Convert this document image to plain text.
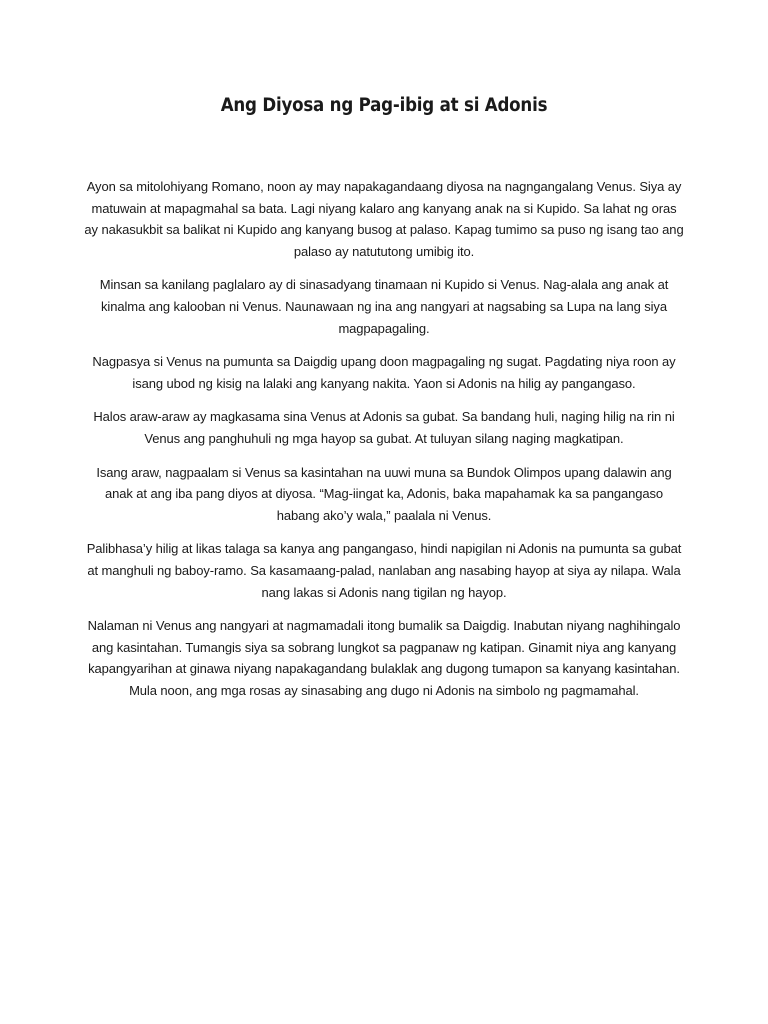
Ang Diyosa ng Pag-ibig at si Adonis

Ayon sa mitolohiyang Romano, noon ay may napakagandaang diyosa na nagngangalang Venus. Siya ay matuwain at mapagmahal sa bata. Lagi niyang kalaro ang kanyang anak na si Kupido. Sa lahat ng oras ay nakasukbit sa balikat ni Kupido ang kanyang busog at palaso. Kapag tumimo sa puso ng isang tao ang palaso ay natututong umibig ito.

Minsan sa kanilang paglalaro ay di sinasadyang tinamaan ni Kupido si Venus. Nag-alala ang anak at kinalma ang kalooban ni Venus. Naunawaan ng ina ang nangyari at nagsabing sa Lupa na lang siya magpapagaling.

Nagpasya si Venus na pumunta sa Daigdig upang doon magpagaling ng sugat. Pagdating niya roon ay isang ubod ng kisig na lalaki ang kanyang nakita. Yaon si Adonis na hilig ay pangangaso.

Halos araw-araw ay magkasama sina Venus at Adonis sa gubat. Sa bandang huli, naging hilig na rin ni Venus ang panghuhuli ng mga hayop sa gubat. At tuluyan silang naging magkatipan.

Isang araw, nagpaalam si Venus sa kasintahan na uuwi muna sa Bundok Olimpos upang dalawin ang anak at ang iba pang diyos at diyosa. “Mag-iingat ka, Adonis, baka mapahamak ka sa pangangaso habang ako’y wala,” paalala ni Venus.

Palibhasa’y hilig at likas talaga sa kanya ang pangangaso, hindi napigilan ni Adonis na pumunta sa gubat at manghuli ng baboy-ramo. Sa kasamaang-palad, nanlaban ang nasabing hayop at siya ay nilapa. Wala nang lakas si Adonis nang tigilan ng hayop.

Nalaman ni Venus ang nangyari at nagmamadali itong bumalik sa Daigdig. Inabutan niyang naghihingalo ang kasintahan. Tumangis siya sa sobrang lungkot sa pagpanaw ng katipan. Ginamit niya ang kanyang kapangyarihan at ginawa niyang napakagandang bulaklak ang dugong tumapon sa kanyang kasintahan. Mula noon, ang mga rosas ay sinasabing ang dugo ni Adonis na simbolo ng pagmamahal.
